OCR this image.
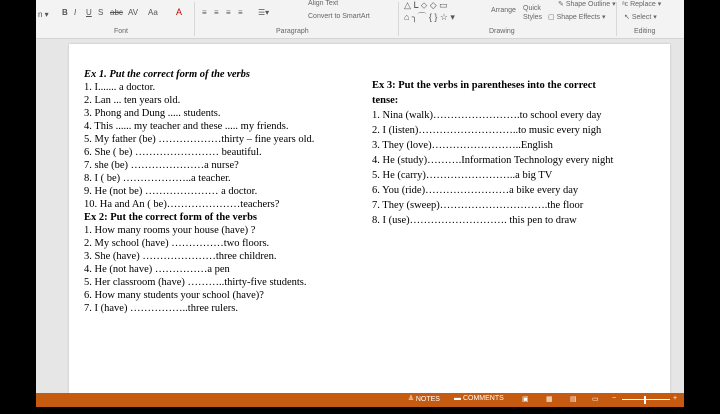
n ▾ B I U S abc AV Aa A
Font
≡ ≡ ≡ ≡ ☰▾
Align Text
Convert to SmartArt
Paragraph
△ ᒪ ⬦ ◇ ▭
⌂ ╮⌒ { } ☆ ▾
Arrange Quick Styles
✎ Shape Outline ▾
▢ Shape Effects ▾
Drawing
ᵃc Replace ▾
↖ Select ▾
Editing
Ex 1. Put the correct form of the verbs
1. I....... a doctor.
2. Lan ... ten years old.
3. Phong and Dung ..... students.
4. This ...... my teacher and these ..... my friends.
5. My father (be) ………………thirty – fine years old.
6. She ( be) …………………… beautiful.
7. she (be) …………………a nurse?
8. I ( be) ………………..a teacher.
9. He (not be) ………………… a doctor.
10. Ha and An ( be)…………………teachers?
Ex 2: Put the correct form of the verbs
1. How many rooms your house (have) ?
2. My school (have) ……………two floors.
3. She (have) …………………three children.
4. He (not have) ……………a pen
5. Her classroom (have) ………..thirty-five students.
6. How many students your school (have)?
7. I (have) ……………..three rulers.
Ex 3: Put the verbs in parentheses into the correct
tense:
1. Nina (walk)…………………….to school every day
2. I (listen)………………………..to music every nigh
3. They (love)……………………..English
4. He (study)……….Information Technology every night
5. He (carry)……………………..a big TV
6. You (ride)……………………a bike every day
7. They (sweep)………………………….the floor
8. I (use)………………………. this pen to draw
≜ NOTES ▬ COMMENTS	▣ ▦ ▤ ▭ −	+
